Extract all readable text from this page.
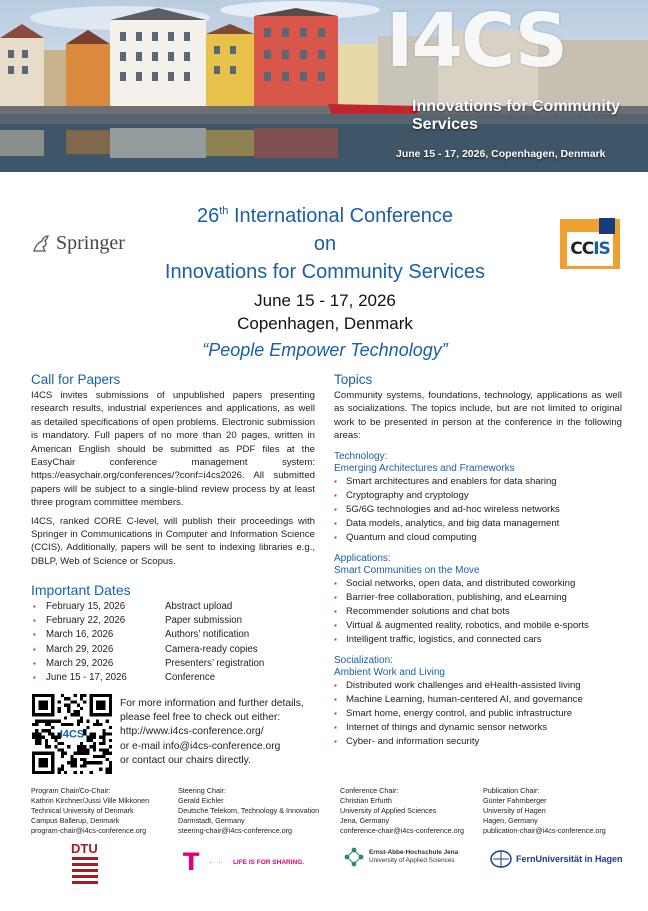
I4CS
Innovations for Community Services
June 15 - 17, 2026, Copenhagen, Denmark
Springer	CC IS
26th International Conference
on
Innovations for Community Services
June 15 - 17, 2026
Copenhagen, Denmark
“People Empower Technology”
Call for Papers

I4CS invites submissions of unpublished papers presenting research results, industrial experiences and applications, as well as detailed specifications of open problems. Electronic submission is mandatory. Full papers of no more than 20 pages, written in American English should be submitted as PDF files at the EasyChair conference management system: https://easychair.org/conferences/?conf=i4cs2026. All submitted papers will be subject to a single-blind review process by at least three program committee members.

I4CS, ranked CORE C-level, will publish their proceedings with Springer in Communications in Computer and Information Science (CCIS). Additionally, papers will be sent to indexing libraries e.g., DBLP, Web of Science or Scopus.

Important Dates
▪	February 15, 2026	Abstract upload
▪	February 22, 2026	Paper submission
▪	March 16, 2026	Authors’ notification
▪	March 29, 2026	Camera-ready copies
▪	March 29, 2026	Presenters’ registration
▪	June 15 - 17, 2026	Conference
I4CS
For more information and further details,
please feel free to check out either:
http://www.i4cs-conference.org/
or e-mail info@i4cs-conference.org
or contact our chairs directly.
Topics

Community systems, foundations, technology, applications as well as socializations. The topics include, but are not limited to original work to be presented in person at the conference in the following areas:

Technology:
Emerging Architectures and Frameworks
▪ Smart architectures and enablers for data sharing
▪ Cryptography and cryptology
▪ 5G/6G technologies and ad-hoc wireless networks
▪ Data models, analytics, and big data management
▪ Quantum and cloud computing
Applications:
Smart Communities on the Move
▪ Social networks, open data, and distributed coworking
▪ Barrier-free collaboration, publishing, and eLearning
▪ Recommender solutions and chat bots
▪ Virtual & augmented reality, robotics, and mobile e-sports
▪ Intelligent traffic, logistics, and connected cars
Socialization:
Ambient Work and Living
▪ Distributed work challenges and eHealth-assisted living
▪ Machine Learning, human-centered AI, and governance
▪ Smart home, energy control, and public infrastructure
▪ Internet of things and dynamic sensor networks
▪ Cyber- and information security
Program Chair/Co-Chair:
Kathrin Kirchner/Jussi Ville Mikkonen
Technical University of Denmark
Campus Ballerup, Denmark
program-chair@i4cs-conference.org
Steering Chair:
Gerald Eichler
Deutsche Telekom, Technology & Innovation
Darmstadt, Germany
steering-chair@i4cs-conference.org
Conference Chair:
Christian Erfurth
University of Applied Sciences
Jena, Germany
conference-chair@i4cs-conference.org
Publication Chair:
Günter Fahrnberger
University of Hagen
Hagen, Germany
publication-chair@i4cs-conference.org
DTU	T · · LIFE IS FOR SHARING.
Ernst-Abbe-Hochschule Jena
University of Applied Sciences	FernUniversität in Hagen
